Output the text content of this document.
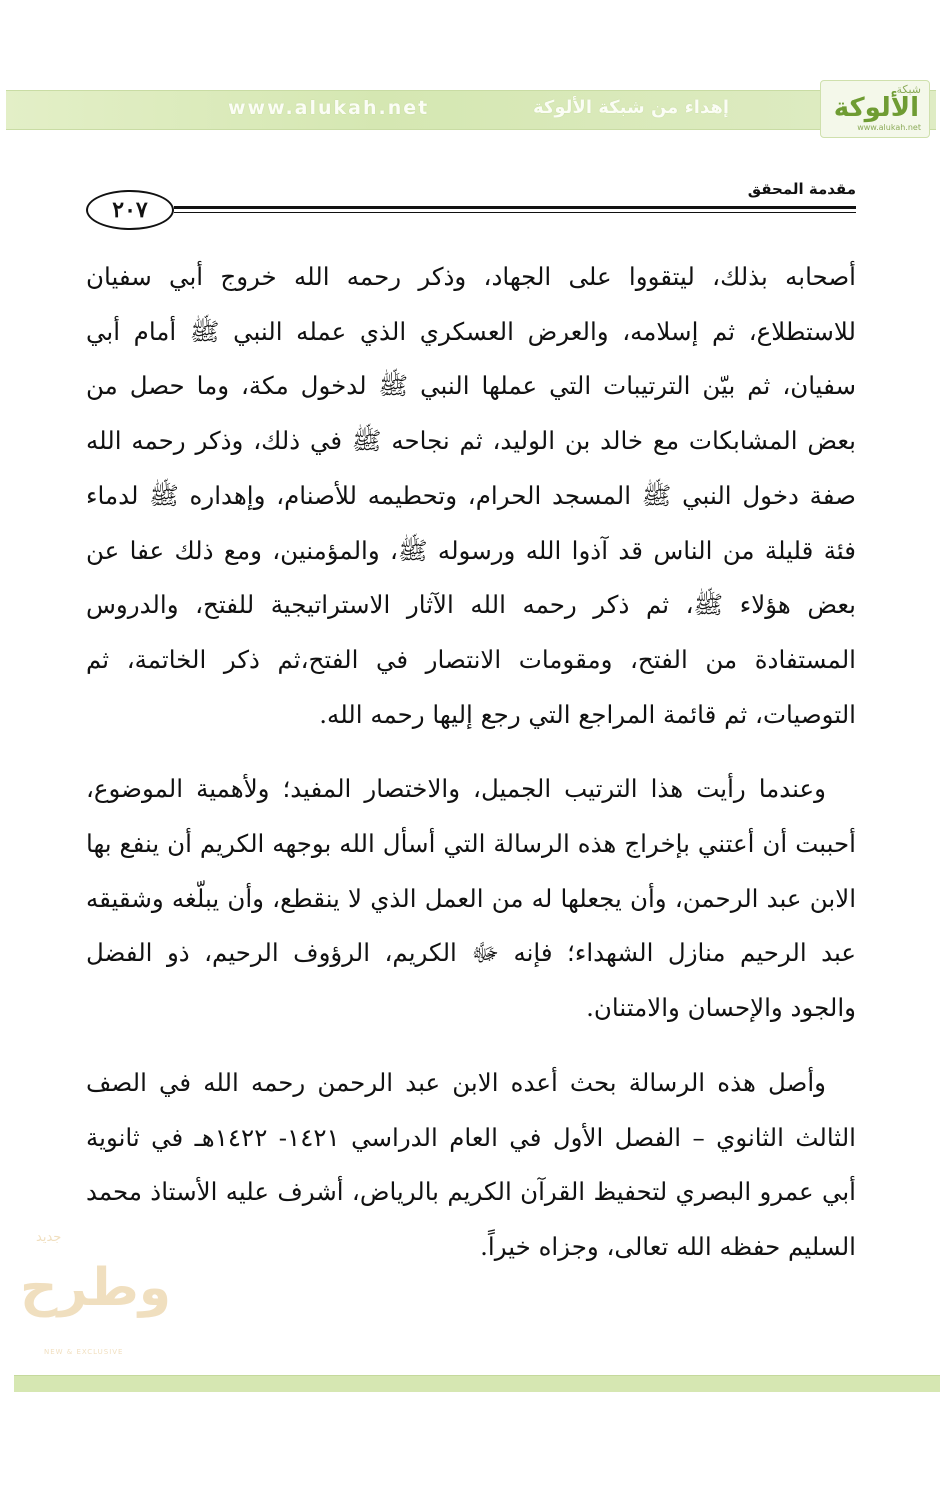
www.alukah.net	إهداء من شبكة الألوكة
شبكة
الألوكة
www.alukah.net
مقدمة المحقق
٢٠٧

أصحابه بذلك، ليتقووا على الجهاد، وذكر رحمه الله خروج أبي سفيان للاستطلاع، ثم إسلامه، والعرض العسكري الذي عمله النبي ﷺ أمام أبي سفيان، ثم بيّن الترتيبات التي عملها النبي ﷺ لدخول مكة، وما حصل من بعض المشابكات مع خالد بن الوليد، ثم نجاحه ﷺ في ذلك، وذكر رحمه الله صفة دخول النبي ﷺ المسجد الحرام، وتحطيمه للأصنام، وإهداره ﷺ لدماء فئة قليلة من الناس قد آذوا الله ورسوله ﷺ، والمؤمنين، ومع ذلك عفا عن بعض هؤلاء ﷺ، ثم ذكر رحمه الله الآثار الاستراتيجية للفتح، والدروس المستفادة من الفتح، ومقومات الانتصار في الفتح،ثم ذكر الخاتمة، ثم التوصيات، ثم قائمة المراجع التي رجع إليها رحمه الله.

وعندما رأيت هذا الترتيب الجميل، والاختصار المفيد؛ ولأهمية الموضوع، أحببت أن أعتني بإخراج هذه الرسالة التي أسأل الله بوجهه الكريم أن ينفع بها الابن عبد الرحمن، وأن يجعلها له من العمل الذي لا ينقطع، وأن يبلّغه وشقيقه عبد الرحيم منازل الشهداء؛ فإنه ﷻ الكريم، الرؤوف الرحيم، ذو الفضل والجود والإحسان والامتنان.

وأصل هذه الرسالة بحث أعده الابن عبد الرحمن رحمه الله في الصف الثالث الثانوي – الفصل الأول في العام الدراسي ١٤٢١- ١٤٢٢هـ في ثانوية أبي عمرو البصري لتحفيظ القرآن الكريم بالرياض، أشرف عليه الأستاذ محمد السليم حفظه الله تعالى، وجزاه خيراً.

جديد
وطرح
NEW & EXCLUSIVE
